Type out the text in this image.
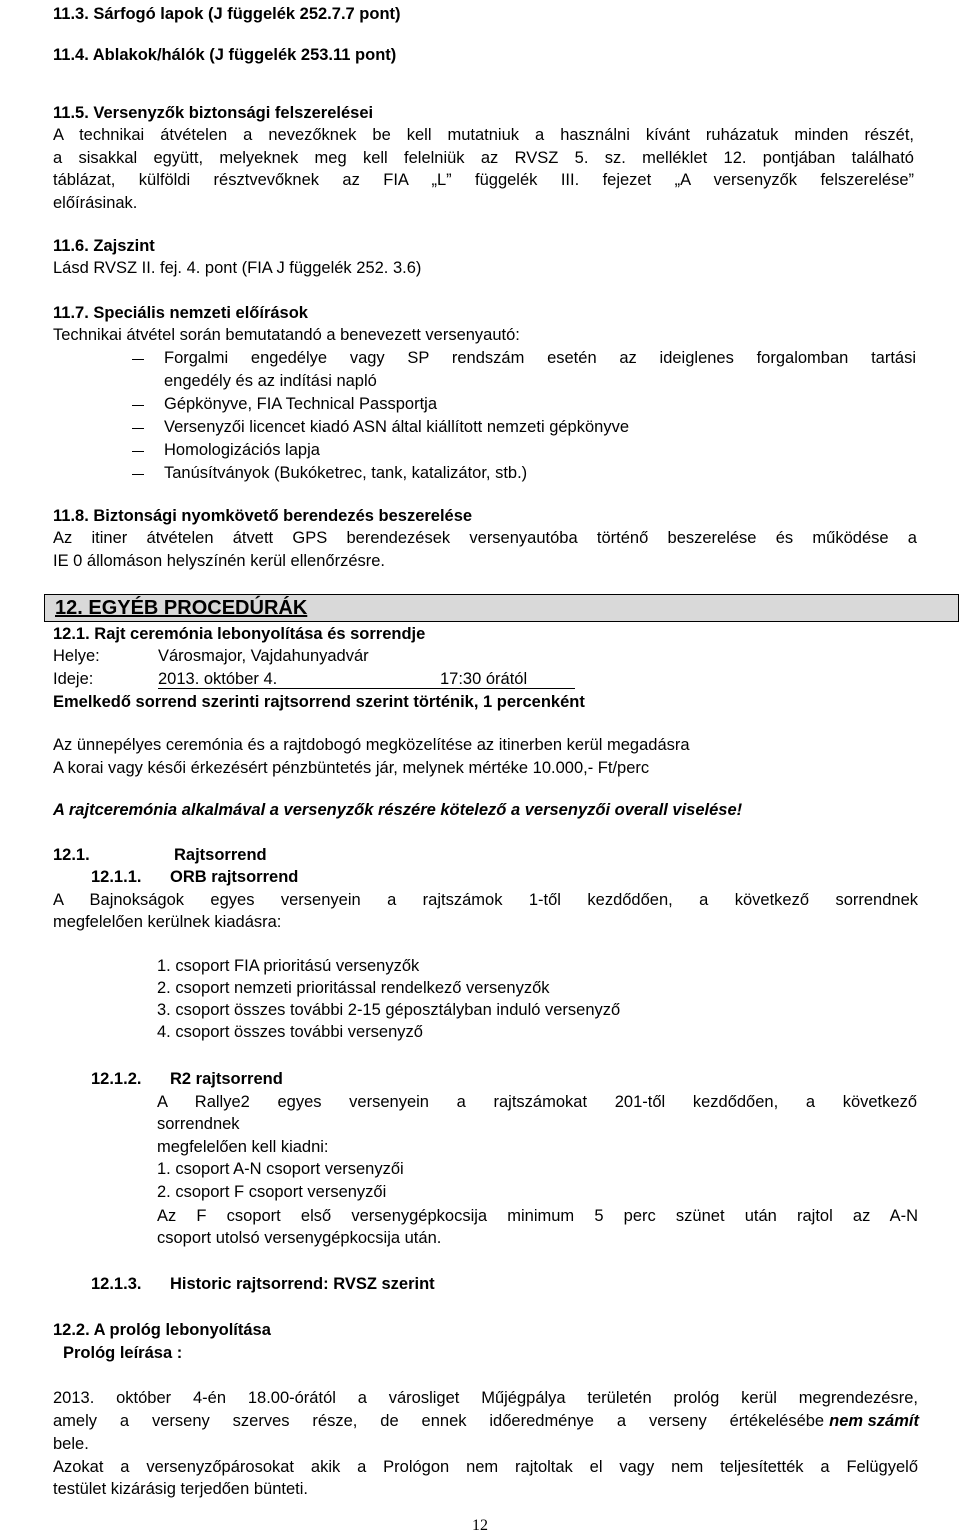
11.3. Sárfogó lapok (J függelék 252.7.7 pont)
11.4. Ablakok/hálók (J függelék 253.11 pont)
11.5. Versenyzők biztonsági felszerelései
A technikai átvételen a nevezőknek be kell mutatniuk a használni kívánt ruházatuk minden részét,
a sisakkal együtt, melyeknek meg kell felelniük az RVSZ 5. sz. melléklet 12. pontjában található
táblázat, külföldi résztvevőknek az FIA „L” függelék III. fejezet „A versenyzők felszerelése”
előírásinak.
11.6. Zajszint
Lásd RVSZ II. fej. 4. pont (FIA J függelék 252. 3.6)
11.7. Speciális nemzeti előírások
Technikai átvétel során bemutatandó a benevezett versenyautó:
Forgalmi engedélye vagy SP rendszám esetén az ideiglenes forgalomban tartási
engedély és az indítási napló
Gépkönyve, FIA Technical Passportja
Versenyzői licencet kiadó ASN által kiállított nemzeti gépkönyve
Homologizációs lapja
Tanúsítványok (Bukóketrec, tank, katalizátor, stb.)
11.8. Biztonsági nyomkövető berendezés beszerelése
Az itiner átvételen átvett GPS berendezések versenyautóba történő beszerelése és működése a
IE 0 állomáson helyszínén kerül ellenőrzésre.
12. EGYÉB PROCEDÚRÁK
12.1. Rajt ceremónia lebonyolítása és sorrendje
Helye:	Városmajor, Vajdahunyadvár
Ideje:	2013. október 4.	17:30 órától
Emelkedő sorrend szerinti rajtsorrend szerint történik, 1 percenként
Az ünnepélyes ceremónia és a rajtdobogó megközelítése az itinerben kerül megadásra
A korai vagy késői érkezésért pénzbüntetés jár, melynek mértéke 10.000,- Ft/perc
A rajtceremónia alkalmával a versenyzők részére kötelező a versenyzői overall viselése!
12.1.	Rajtsorrend
12.1.1. ORB rajtsorrend
A Bajnokságok egyes versenyein a rajtszámok 1-től kezdődően, a következő sorrendnek
megfelelően kerülnek kiadásra:
1. csoport FIA prioritású versenyzők
2. csoport nemzeti prioritással rendelkező versenyzők
3. csoport összes további 2-15 géposztályban induló versenyző
4. csoport összes további versenyző
12.1.2. R2 rajtsorrend
A Rallye2 egyes versenyein a rajtszámokat 201-től kezdődően, a következő
sorrendnek
megfelelően kell kiadni:
1. csoport A-N csoport versenyzői
2. csoport F csoport versenyzői
Az F csoport első versenygépkocsija minimum 5 perc szünet után rajtol az A-N
csoport utolsó versenygépkocsija után.
12.1.3. Historic rajtsorrend: RVSZ szerint
12.2. A prológ lebonyolítása
Prológ leírása :
2013. október 4-én 18.00-órától a városliget Műjégpálya területén prológ kerül megrendezésre,
amely a verseny szerves része, de ennek időeredménye a verseny értékelésébe nem számít
bele.
Azokat a versenyzőpárosokat akik a Prológon nem rajtoltak el vagy nem teljesítették a Felügyelő
testület kizárásig terjedően bünteti.
12
